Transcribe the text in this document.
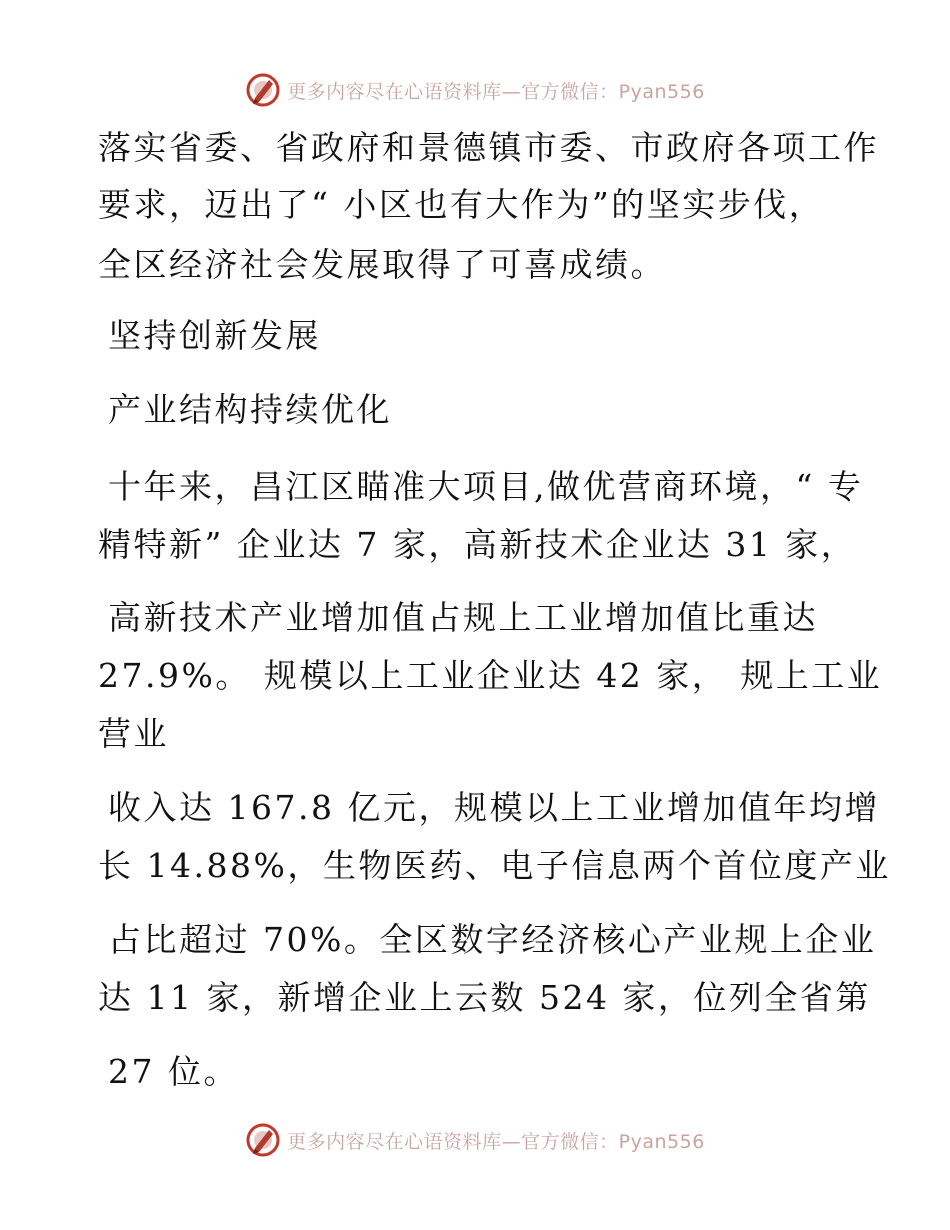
更多内容尽在心语资料库—官方微信：Pyan556
落实省委、省政府和景德镇市委、市政府各项工作
要求，迈出了“ 小区也有大作为”的坚实步伐，
全区经济社会发展取得了可喜成绩。
坚持创新发展
产业结构持续优化
十年来，昌江区瞄准大项目,做优营商环境，“ 专
精特新” 企业达 7 家，高新技术企业达 31 家，
高新技术产业增加值占规上工业增加值比重达
27.9%。 规模以上工业企业达 42 家， 规上工业
营业
收入达 167.8 亿元，规模以上工业增加值年均增
长 14.88%，生物医药、电子信息两个首位度产业
占比超过 70%。全区数字经济核心产业规上企业
达 11 家，新增企业上云数 524 家，位列全省第
27 位。
更多内容尽在心语资料库—官方微信：Pyan556
